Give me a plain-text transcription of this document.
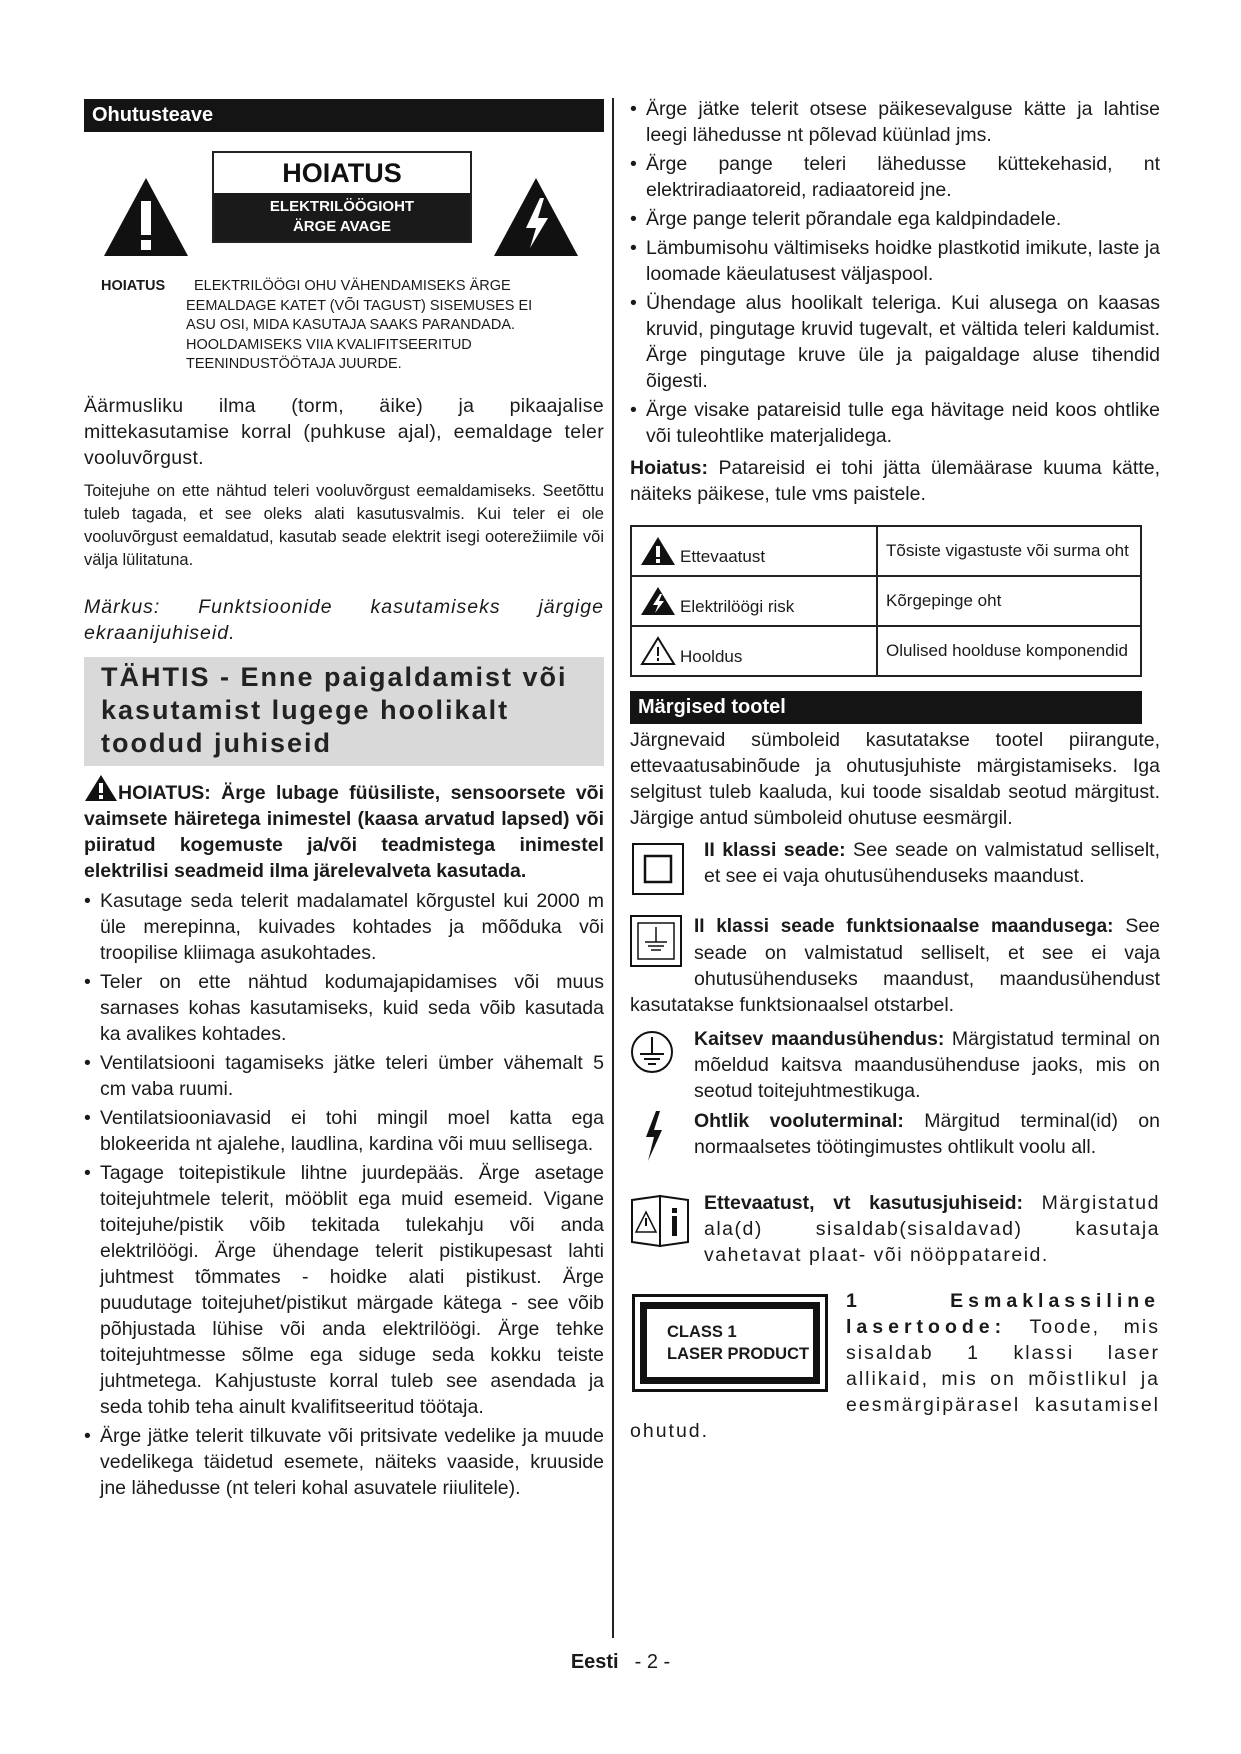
Ohutusteave
HOIATUS
ELEKTRILÖÖGIOHT
ÄRGE AVAGE
ELEKTRILÖÖGI OHU VÄHENDAMISEKS ÄRGE
HOIATUS
EEMALDAGE KATET (VÕI TAGUST) SISEMUSES EI ASU OSI, MIDA KASUTAJA SAAKS PARANDADA. HOOLDAMISEKS VIIA KVALIFITSEERITUD TEENINDUSTÖÖTAJA JUURDE.

Äärmusliku ilma (torm, äike) ja pikaajalise mittekasutamise korral (puhkuse ajal), eemaldage teler vooluvõrgust.

Toitejuhe on ette nähtud teleri vooluvõrgust eemaldamiseks. Seetõttu tuleb tagada, et see oleks alati kasutusvalmis. Kui teler ei ole vooluvõrgust eemaldatud, kasutab seade elektrit isegi ooterežiimile või välja lülitatuna.

Märkus: Funktsioonide kasutamiseks järgige ekraanijuhiseid.

TÄHTIS - Enne paigaldamist või kasutamist lugege hoolikalt toodud juhiseid
HOIATUS: Ärge lubage füüsiliste, sensoorsete või vaimsete häiretega inimestel (kaasa arvatud lapsed) või piiratud kogemuste ja/või teadmistega inimestel elektrilisi seadmeid ilma järelevalveta kasutada.
• Kasutage seda telerit madalamatel kõrgustel kui 2000 m üle merepinna, kuivades kohtades ja mõõduka või troopilise kliimaga asukohtades.
• Teler on ette nähtud kodumajapidamises või muus sarnases kohas kasutamiseks, kuid seda võib kasutada ka avalikes kohtades.
• Ventilatsiooni tagamiseks jätke teleri ümber vähemalt 5 cm vaba ruumi.
• Ventilatsiooniavasid ei tohi mingil moel katta ega blokeerida nt ajalehe, laudlina, kardina või muu sellisega.
• Tagage toitepistikule lihtne juurdepääs. Ärge asetage toitejuhtmele telerit, mööblit ega muid esemeid. Vigane toitejuhe/pistik võib tekitada tulekahju või anda elektrilöögi. Ärge ühendage telerit pistikupesast lahti juhtmest tõmmates - hoidke alati pistikust. Ärge puudutage toitejuhet/pistikut märgade kätega - see võib põhjustada lühise või anda elektrilöögi. Ärge tehke toitejuhtmesse sõlme ega siduge seda kokku teiste juhtmetega. Kahjustuste korral tuleb see asendada ja seda tohib teha ainult kvalifitseeritud töötaja.
• Ärge jätke telerit tilkuvate või pritsivate vedelike ja muude vedelikega täidetud esemete, näiteks vaaside, kruuside jne lähedusse (nt teleri kohal asuvatele riiulitele).
• Ärge jätke telerit otsese päikesevalguse kätte ja lahtise leegi lähedusse nt põlevad küünlad jms.
• Ärge pange teleri lähedusse küttekehasid, nt elektriradiaatoreid, radiaatoreid jne.
• Ärge pange telerit põrandale ega kaldpindadele.
• Lämbumisohu vältimiseks hoidke plastkotid imikute, laste ja loomade käeulatusest väljaspool.
• Ühendage alus hoolikalt teleriga. Kui alusega on kaasas kruvid, pingutage kruvid tugevalt, et vältida teleri kaldumist. Ärge pingutage kruve üle ja paigaldage aluse tihendid õigesti.
• Ärge visake patareisid tulle ega hävitage neid koos ohtlike või tuleohtlike materjalidega.

Hoiatus: Patareisid ei tohi jätta ülemäärase kuuma kätte, näiteks päikese, tule vms paistele.

Ettevaatust	Tõsiste vigastuste või surma oht
Elektrilöögi risk	Kõrgepinge oht
Hooldus	Olulised hoolduse komponendid
Märgised tootel

Järgnevaid sümboleid kasutatakse tootel piirangute, ettevaatusabinõude ja ohutusjuhiste märgistamiseks. Iga selgitust tuleb kaaluda, kui toode sisaldab seotud märgitust. Järgige antud sümboleid ohutuse eesmärgil.

II klassi seade: See seade on valmistatud selliselt, et see ei vaja ohutusühenduseks maandust.
II klassi seade funktsionaalse maandusega: See seade on valmistatud selliselt, et see ei vaja ohutusühenduseks maandust, maandusühendust kasutatakse funktsionaalsel otstarbel.
Kaitsev maandusühendus: Märgistatud terminal on mõeldud kaitsva maandusühenduse jaoks, mis on seotud toitejuhtmestikuga.
Ohtlik vooluterminal: Märgitud terminal(id) on normaalsetes töötingimustes ohtlikult voolu all.
Ettevaatust, vt kasutusjuhiseid: Märgistatud ala(d) sisaldab(sisaldavad) kasutaja vahetavat plaat- või nööppatareid.
CLASS 1
LASER PRODUCT
1 Esmaklassiline lasertoode: Toode, mis sisaldab 1 klassi laser allikaid, mis on mõistlikul ja eesmärgipärasel kasutamisel ohutud.
Eesti - 2 -
